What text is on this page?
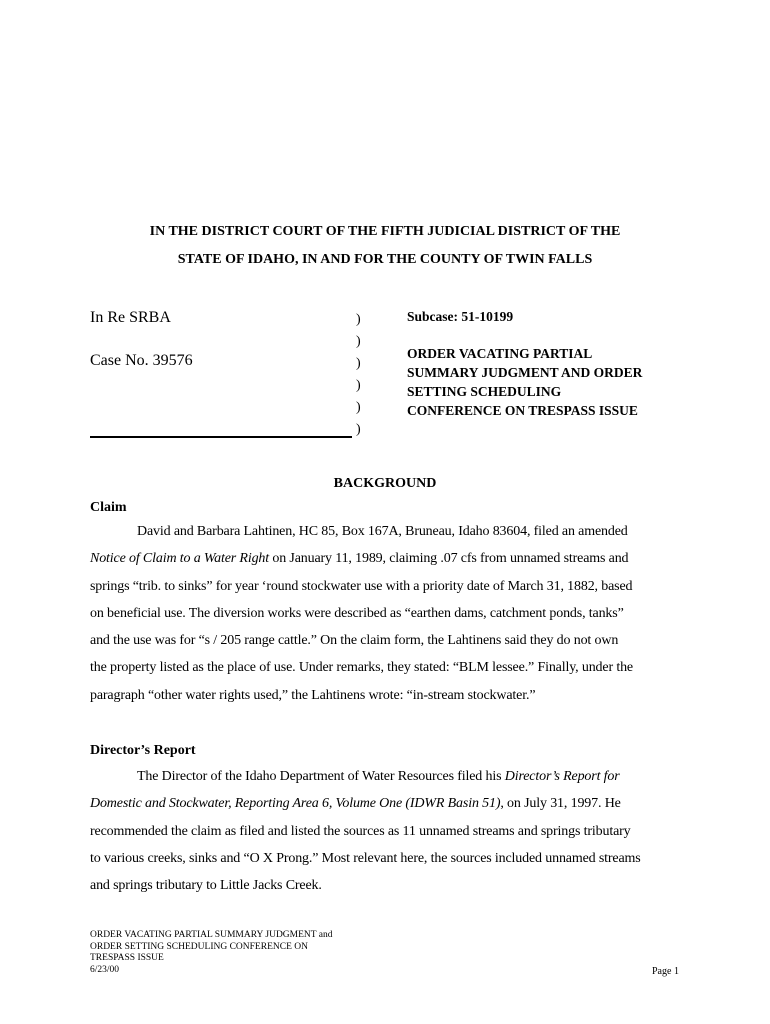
IN THE DISTRICT COURT OF THE FIFTH JUDICIAL DISTRICT OF THE
STATE OF IDAHO, IN AND FOR THE COUNTY OF TWIN FALLS
In Re SRBA
Case No. 39576
)
)
)
)
)
)
Subcase: 51-10199
ORDER VACATING PARTIAL
SUMMARY JUDGMENT AND ORDER
SETTING SCHEDULING
CONFERENCE ON TRESPASS ISSUE
BACKGROUND
Claim
David and Barbara Lahtinen, HC 85, Box 167A, Bruneau, Idaho 83604, filed an amended
Notice of Claim to a Water Right on January 11, 1989, claiming .07 cfs from unnamed streams and
springs “trib. to sinks” for year ‘round stockwater use with a priority date of March 31, 1882, based
on beneficial use. The diversion works were described as “earthen dams, catchment ponds, tanks”
and the use was for “s / 205 range cattle.” On the claim form, the Lahtinens said they do not own
the property listed as the place of use. Under remarks, they stated: “BLM lessee.” Finally, under the
paragraph “other water rights used,” the Lahtinens wrote: “in-stream stockwater.”
Director’s Report
The Director of the Idaho Department of Water Resources filed his Director’s Report for
Domestic and Stockwater, Reporting Area 6, Volume One (IDWR Basin 51), on July 31, 1997. He
recommended the claim as filed and listed the sources as 11 unnamed streams and springs tributary
to various creeks, sinks and “O X Prong.” Most relevant here, the sources included unnamed streams
and springs tributary to Little Jacks Creek.
ORDER VACATING PARTIAL SUMMARY JUDGMENT and
ORDER SETTING SCHEDULING CONFERENCE ON
TRESPASS ISSUE
6/23/00	Page 1
